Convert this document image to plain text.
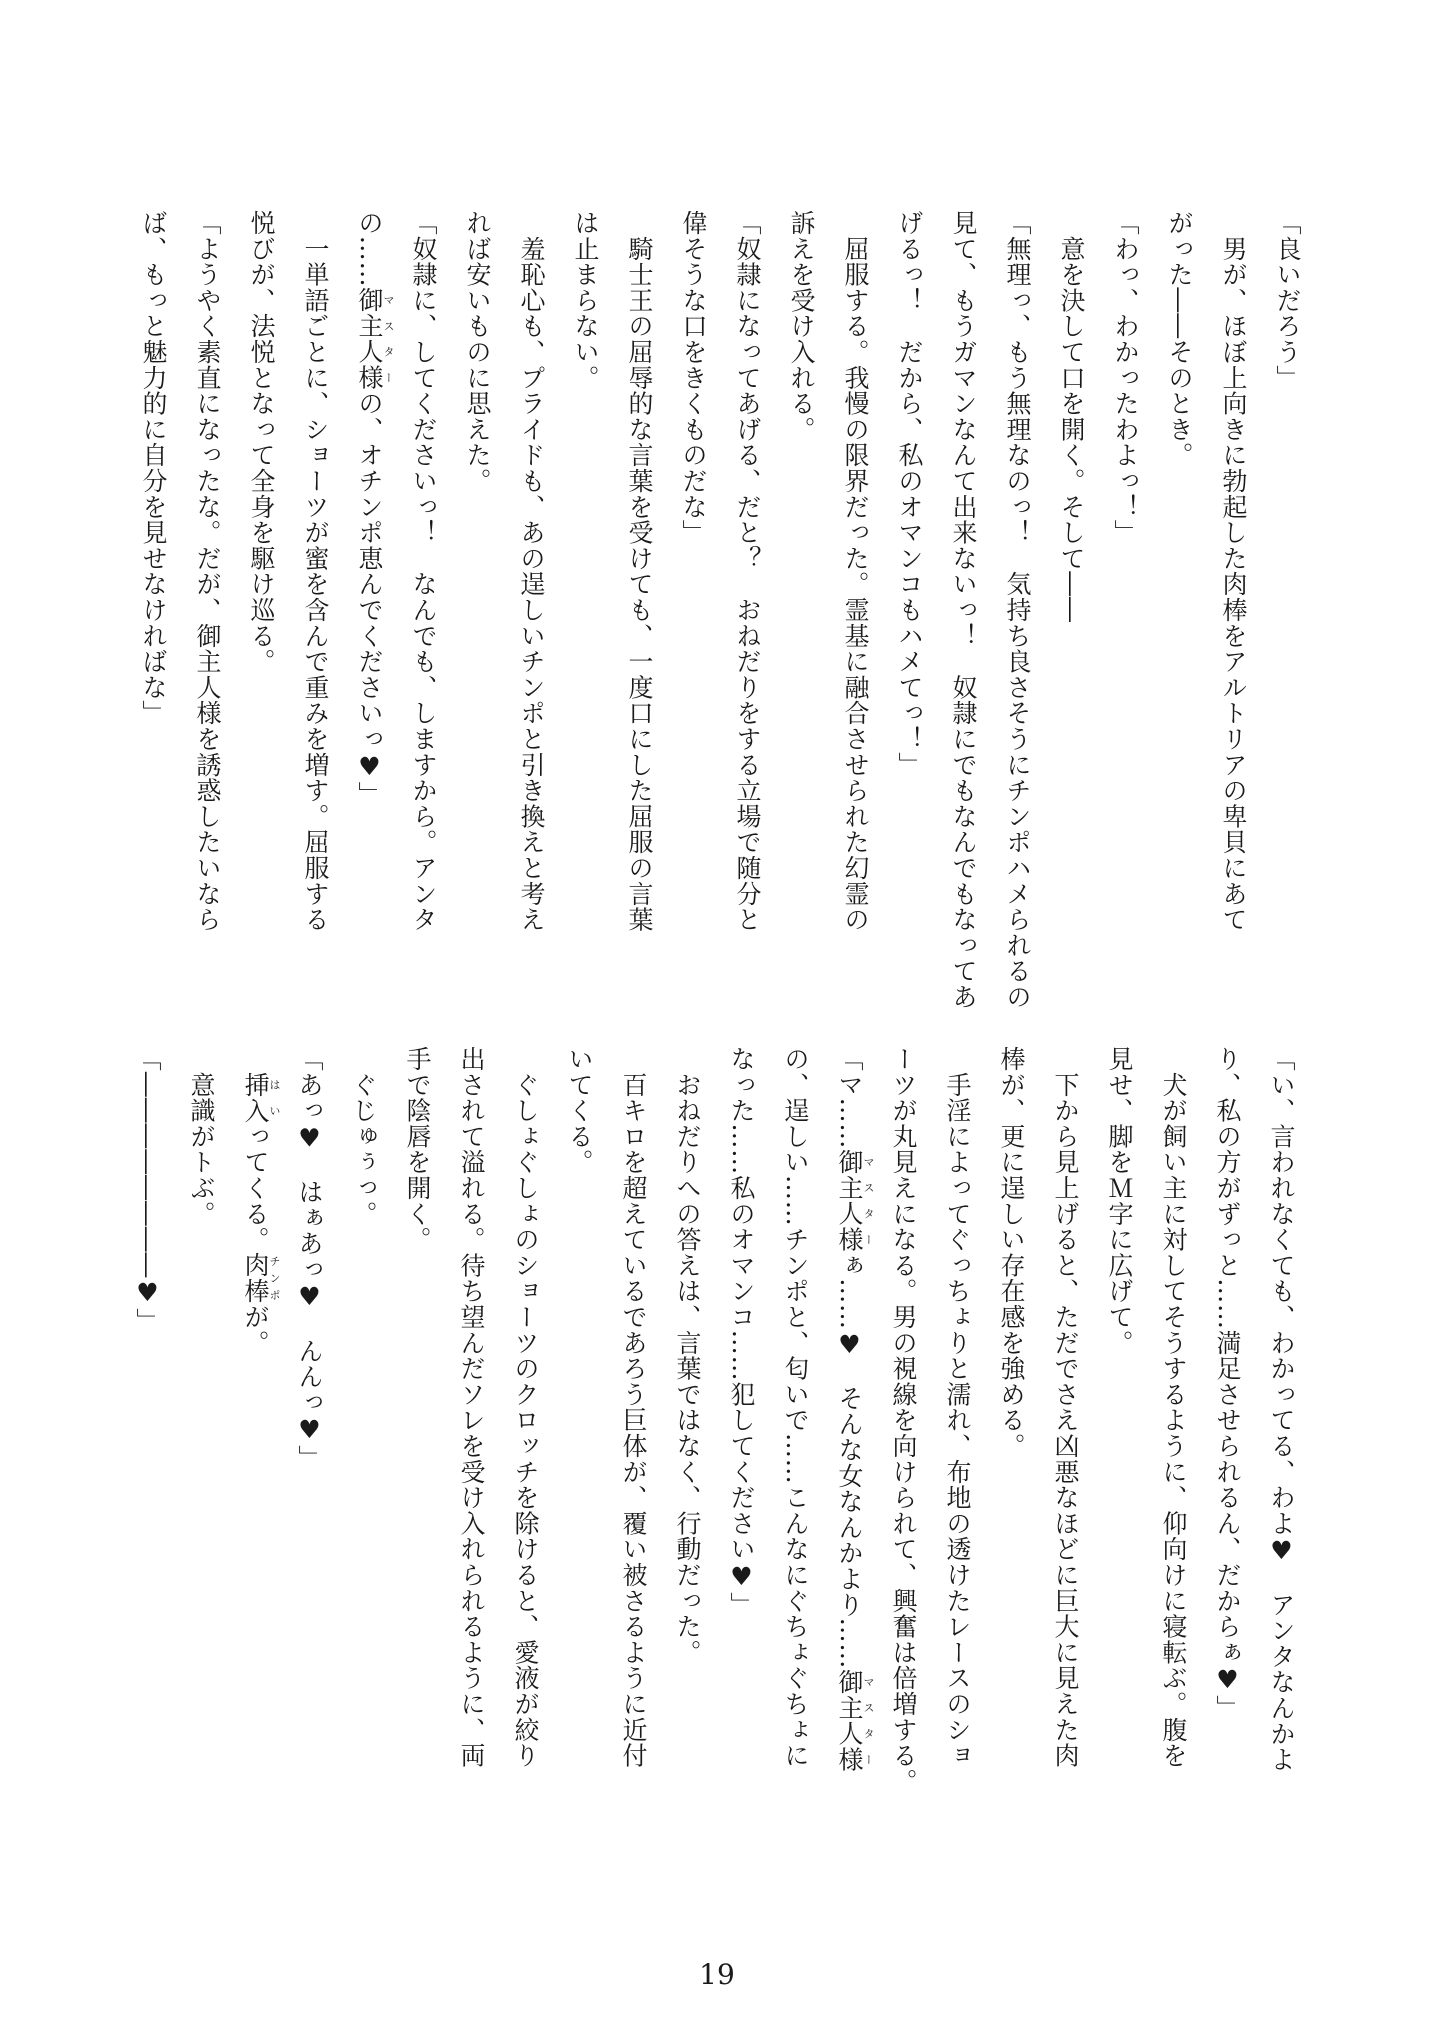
「良いだろう」
　男が、ほぼ上向きに勃起した肉棒をアルトリアの卑貝にあて
がった――そのとき。
「わっ、わかったわよっ！」
　意を決して口を開く。そして――
「無理っ、もう無理なのっ！　気持ち良さそうにチンポハメられるの
見て、もうガマンなんて出来ないっ！　奴隷にでもなんでもなってあ
げるっ！　だから、私のオマンコもハメてっ！」
　屈服する。我慢の限界だった。霊基に融合させられた幻霊の
訴えを受け入れる。
「奴隷になってあげる、だと？　おねだりをする立場で随分と
偉そうな口をきくものだな」
　騎士王の屈辱的な言葉を受けても、一度口にした屈服の言葉
は止まらない。
　羞恥心も、プライドも、あの逞しいチンポと引き換えと考え
れば安いものに思えた。
「奴隷に、してくださいっ！　なんでも、しますから。アンタ
の……御主人様マスターの、オチンポ恵んでくださいっ♥」
　一単語ごとに、ショーツが蜜を含んで重みを増す。屈服する
悦びが、法悦となって全身を駆け巡る。
「ようやく素直になったな。だが、御主人様を誘惑したいなら
ば、もっと魅力的に自分を見せなければな」
「い、言われなくても、わかってる、わよ♥　アンタなんかよ
り、私の方がずっと……満足させられるん、だからぁ♥」
　犬が飼い主に対してそうするように、仰向けに寝転ぶ。腹を
見せ、脚をＭ字に広げて。
　下から見上げると、ただでさえ凶悪なほどに巨大に見えた肉
棒が、更に逞しい存在感を強める。
　手淫によってぐっちょりと濡れ、布地の透けたレースのショ
ーツが丸見えになる。男の視線を向けられて、興奮は倍増する。
「マ……御主人様マスターぁ……♥　そんな女なんかより……御主人様マスター
の、逞しい……チンポと、匂いで……こんなにぐちょぐちょに
なった……私のオマンコ……犯してください♥」
　おねだりへの答えは、言葉ではなく、行動だった。
　百キロを超えているであろう巨体が、覆い被さるように近付
いてくる。
　ぐしょぐしょのショーツのクロッチを除けると、愛液が絞り
出されて溢れる。待ち望んだソレを受け入れられるように、両
手で陰唇を開く。
　ぐじゅぅっ。
「あっ♥　はぁあっ♥　んんっ♥」
　挿入はいってくる。肉棒チンポが。
　意識がトぶ。
「――――――――♥」
19
